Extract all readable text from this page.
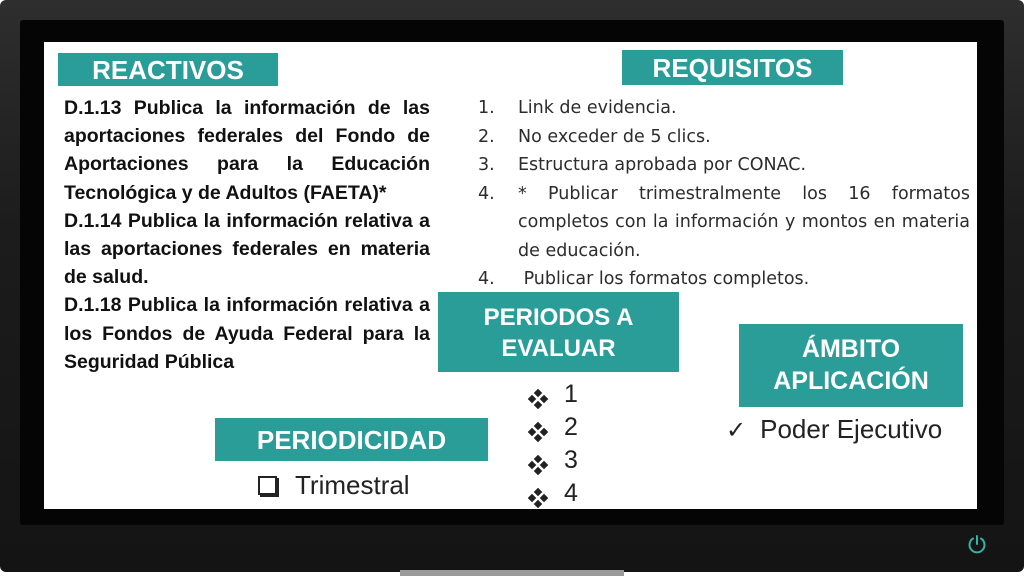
REACTIVOS

D.1.13 Publica la información de las aportaciones federales del Fondo de Aportaciones para la Educación Tecnológica y de Adultos (FAETA)*

D.1.14 Publica la información relativa a las aportaciones federales en materia de salud.

D.1.18 Publica la información relativa a los Fondos de Ayuda Federal para la Seguridad Pública

REQUISITOS
1.	Link de evidencia.
2.	No exceder de 5 clics.
3.	Estructura aprobada por CONAC.
4.	* Publicar trimestralmente los 16 formatos completos con la información y montos en materia de educación.
4.	Publicar los formatos completos.
PERIODOS A EVALUAR
1
2
3
4
ÁMBITO APLICACIÓN
✓ Poder Ejecutivo
PERIODICIDAD
Trimestral
